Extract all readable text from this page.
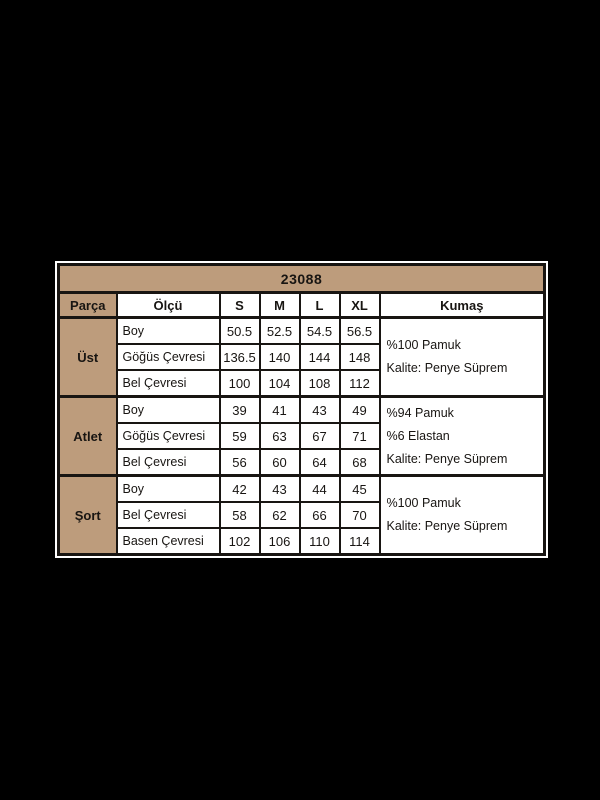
23088						
Parça	Ölçü	S	M	L	XL	Kumaş
Üst	Boy	50.5	52.5	54.5	56.5	%100 Pamuk
Kalite: Penye Süprem

	Göğüs Çevresi	136.5	140	144	148	
	Bel Çevresi	100	104	108	112	
Atlet	Boy	39	41	43	49	%94 Pamuk
%6 Elastan
Kalite: Penye Süprem

	Göğüs Çevresi	59	63	67	71	
	Bel Çevresi	56	60	64	68	
Şort	Boy	42	43	44	45	%100 Pamuk
Kalite: Penye Süprem

	Bel Çevresi	58	62	66	70	
	Basen Çevresi	102	106	110	114	
